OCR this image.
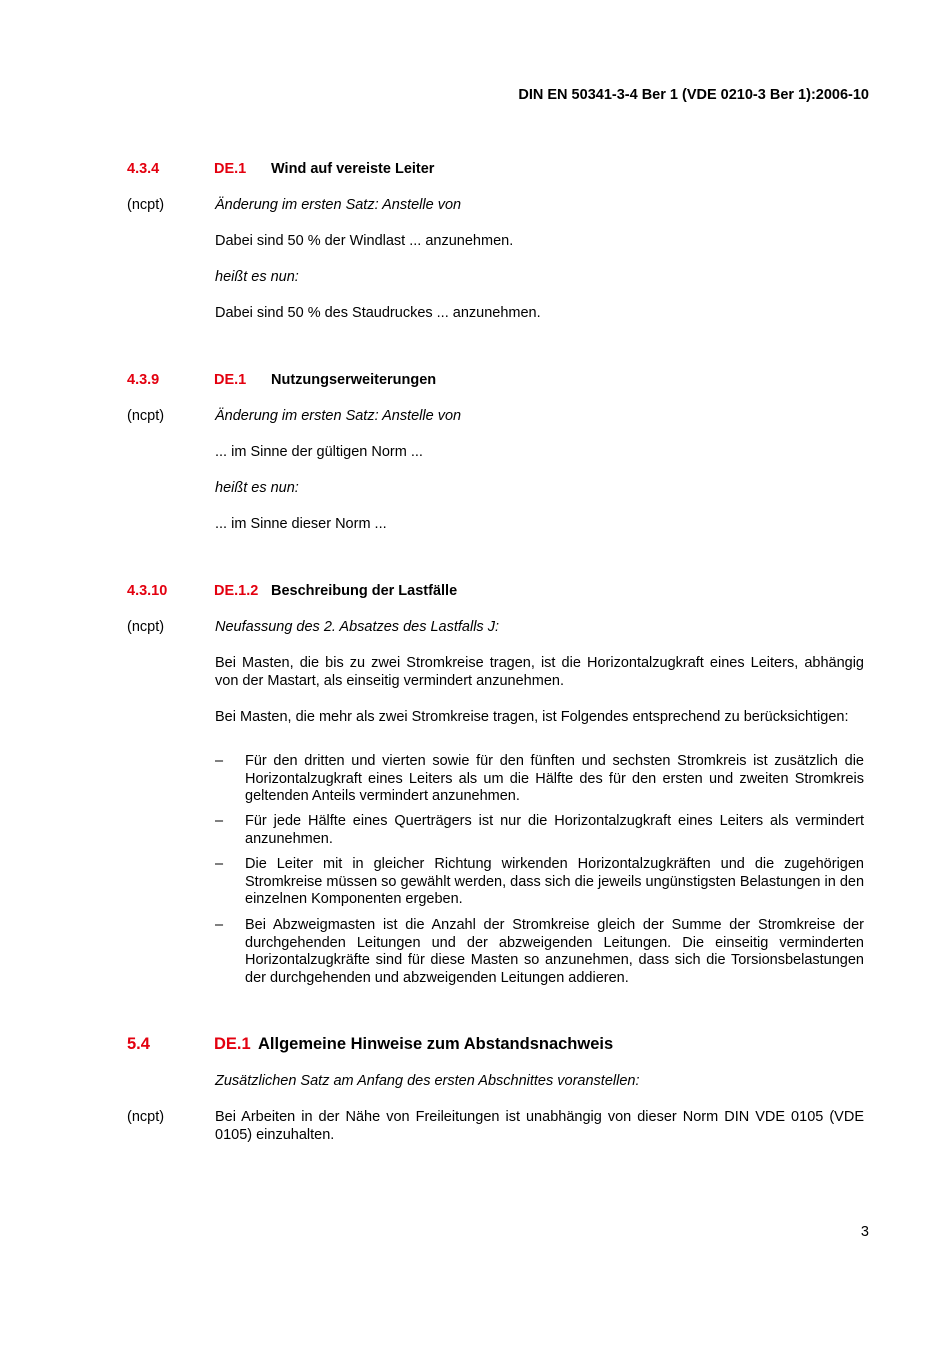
DIN EN 50341-3-4 Ber 1 (VDE 0210-3 Ber 1):2006-10
4.3.4	DE.1 Wind auf vereiste Leiter
(ncpt)	Änderung im ersten Satz: Anstelle von
Dabei sind 50 % der Windlast ... anzunehmen.
heißt es nun:
Dabei sind 50 % des Staudruckes ... anzunehmen.
4.3.9	DE.1 Nutzungserweiterungen
(ncpt)	Änderung im ersten Satz: Anstelle von
... im Sinne der gültigen Norm ...
heißt es nun:
... im Sinne dieser Norm ...
4.3.10	DE.1.2 Beschreibung der Lastfälle
(ncpt)	Neufassung des 2. Absatzes des Lastfalls J:
Bei Masten, die bis zu zwei Stromkreise tragen, ist die Horizontalzugkraft eines Leiters, abhängig von der Mastart, als einseitig vermindert anzunehmen.
Bei Masten, die mehr als zwei Stromkreise tragen, ist Folgendes entsprechend zu berücksichtigen:
– Für den dritten und vierten sowie für den fünften und sechsten Stromkreis ist zusätzlich die Horizontalzugkraft eines Leiters als um die Hälfte des für den ersten und zweiten Stromkreis geltenden Anteils vermindert anzunehmen.
– Für jede Hälfte eines Querträgers ist nur die Horizontalzugkraft eines Leiters als vermindert anzunehmen.
– Die Leiter mit in gleicher Richtung wirkenden Horizontalzugkräften und die zugehörigen Stromkreise müssen so gewählt werden, dass sich die jeweils ungünstigsten Belastungen in den einzelnen Komponenten ergeben.
– Bei Abzweigmasten ist die Anzahl der Stromkreise gleich der Summe der Stromkreise der durchgehenden Leitungen und der abzweigenden Leitungen. Die einseitig verminderten Horizontalzugkräfte sind für diese Masten so anzunehmen, dass sich die Torsionsbelastungen der durchgehenden und abzweigenden Leitungen addieren.
5.4	DE.1 Allgemeine Hinweise zum Abstandsnachweis
Zusätzlichen Satz am Anfang des ersten Abschnittes voranstellen:
(ncpt)	Bei Arbeiten in der Nähe von Freileitungen ist unabhängig von dieser Norm DIN VDE 0105 (VDE 0105) einzuhalten.
3
